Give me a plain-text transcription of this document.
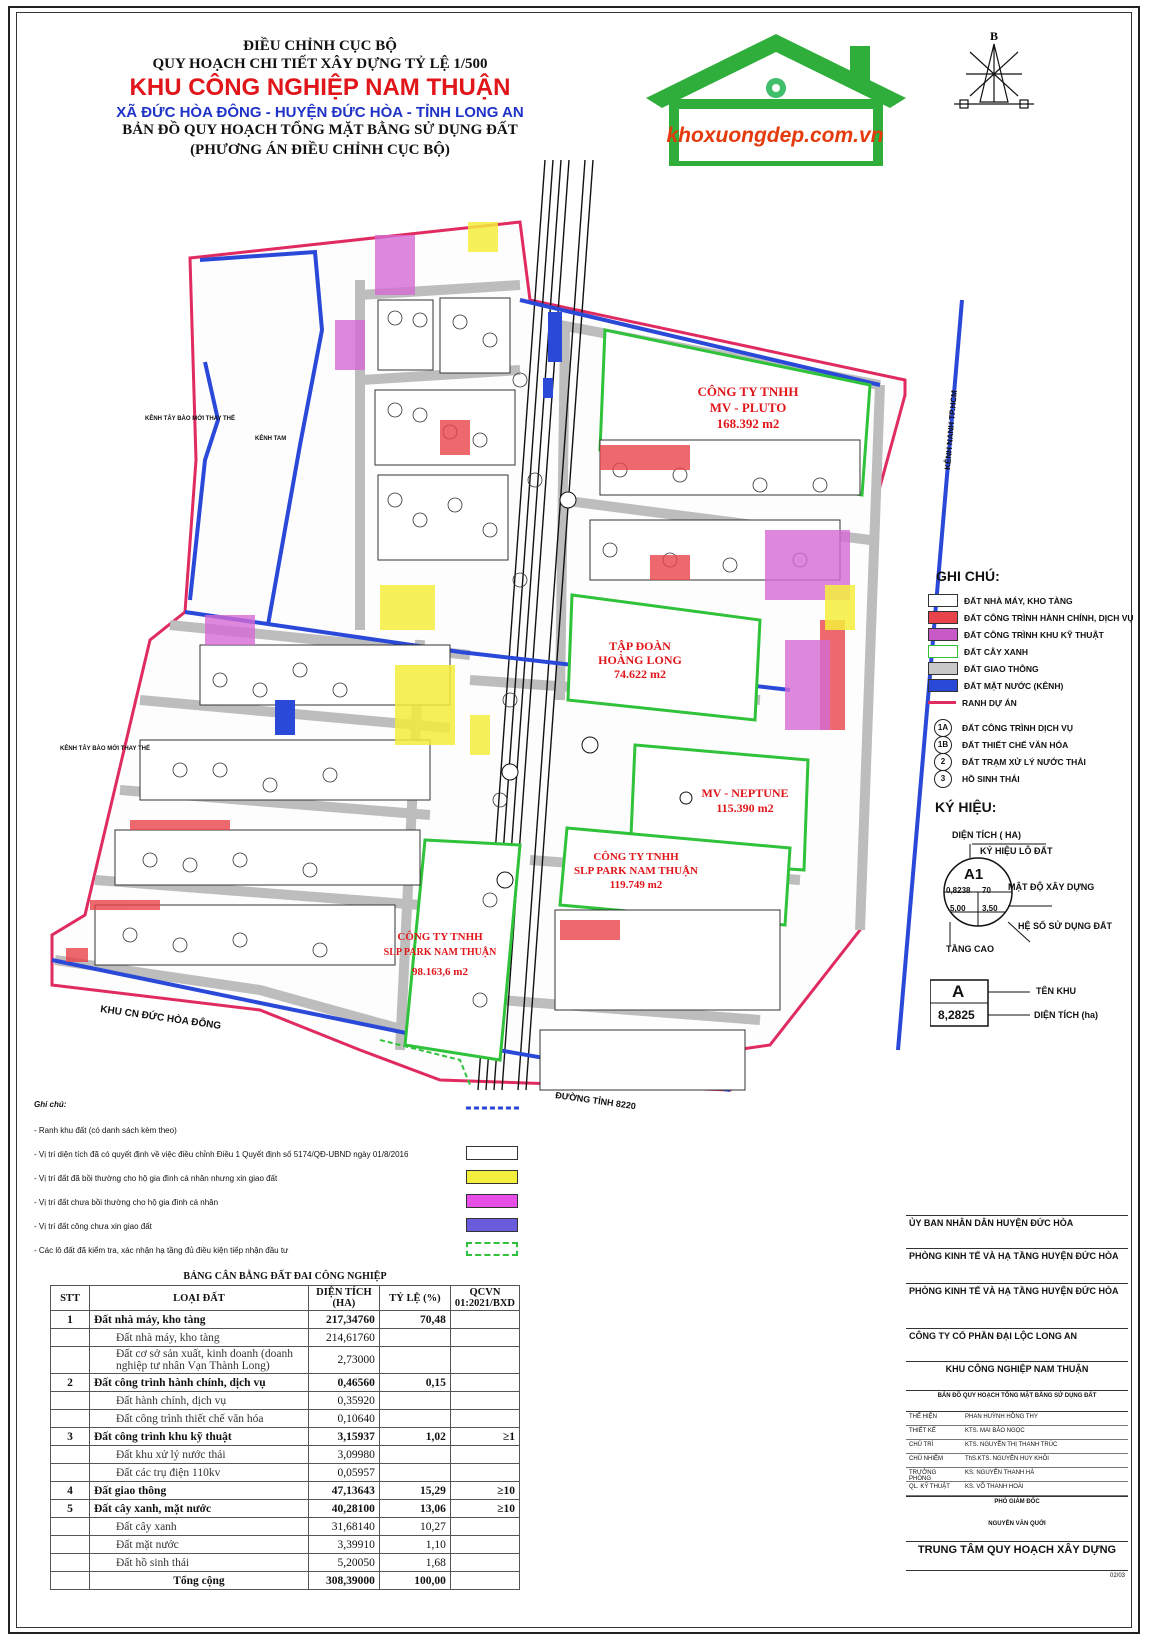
ĐIỀU CHỈNH CỤC BỘ
QUY HOẠCH CHI TIẾT XÂY DỰNG TỶ LỆ 1/500
KHU CÔNG NGHIỆP NAM THUẬN
XÃ ĐỨC HÒA ĐÔNG - HUYỆN ĐỨC HÒA - TỈNH LONG AN
BẢN ĐỒ QUY HOẠCH TỔNG MẶT BẰNG SỬ DỤNG ĐẤT
(PHƯƠNG ÁN ĐIỀU CHỈNH CỤC BỘ)
khoxuongdep.com.vn
B
CÔNG TY TNHH
MV - PLUTO
168.392 m2
TẬP ĐOÀN
HOÀNG LONG
74.622 m2
MV - NEPTUNE
115.390 m2
CÔNG TY TNHH
SLP PARK NAM THUẬN
119.749 m2
CÔNG TY TNHH
SLP PARK NAM THUẬN
98.163,6 m2
KHU CN ĐỨC HÒA ĐÔNG
ĐƯỜNG TỈNH 8220
KÊNH NANH TP.HCM
KÊNH TÂY BÀO MỚI THAY THẾ
KÊNH TÂY BÀO MỚI THAY THẾ
KÊNH TAM
GHI CHÚ:
ĐẤT NHÀ MÁY, KHO TÀNG
ĐẤT CÔNG TRÌNH HÀNH CHÍNH, DỊCH VỤ
ĐẤT CÔNG TRÌNH KHU KỸ THUẬT
ĐẤT CÂY XANH
ĐẤT GIAO THÔNG
ĐẤT MẶT NƯỚC (KÊNH)
RANH DỰ ÁN
1A	ĐẤT CÔNG TRÌNH DỊCH VỤ
1B	ĐẤT THIẾT CHẾ VĂN HÓA
2	ĐẤT TRẠM XỬ LÝ NƯỚC THẢI
3	HỒ SINH THÁI
KÝ HIỆU:
DIỆN TÍCH ( HA)
KÝ HIỆU LÔ ĐẤT
A1
0,8238 70 MẬT ĐỘ XÂY DỰNG
5,00 3,50
HỆ SỐ SỬ DỤNG ĐẤT
TẦNG CAO
A	TÊN KHU
8,2825	DIỆN TÍCH (ha)
Ghi chú:
- Ranh khu đất (có danh sách kèm theo)
- Vị trí diện tích đã có quyết định về việc điều chỉnh Điều 1 Quyết định số 5174/QĐ-UBND ngày 01/8/2016
- Vị trí đất đã bồi thường cho hộ gia đình cá nhân nhưng xin giao đất
- Vị trí đất chưa bồi thường cho hộ gia đình cá nhân
- Vị trí đất công chưa xin giao đất
- Các lô đất đã kiểm tra, xác nhận hạ tầng đủ điều kiện tiếp nhận đầu tư
BẢNG CÂN BẰNG ĐẤT ĐAI CÔNG NGHIỆP				
STT	LOẠI ĐẤT	DIỆN TÍCH (HA)	TỶ LỆ (%)	QCVN 01:2021/BXD
1	Đất nhà máy, kho tàng	217,34760	70,48	
	Đất nhà máy, kho tàng	214,61760		
	Đất cơ sở sản xuất, kinh doanh (doanh nghiệp tư nhân Vạn Thành Long)	2,73000		
2	Đất công trình hành chính, dịch vụ	0,46560	0,15	
	Đất hành chính, dịch vụ	0,35920		
	Đất công trình thiết chế văn hóa	0,10640		
3	Đất công trình khu kỹ thuật	3,15937	1,02	≥1
	Đất khu xử lý nước thải	3,09980		
	Đất các trụ điện 110kv	0,05957		
4	Đất giao thông	47,13643	15,29	≥10
5	Đất cây xanh, mặt nước	40,28100	13,06	≥10
	Đất cây xanh	31,68140	10,27	
	Đất mặt nước	3,39910	1,10	
	Đất hồ sinh thái	5,20050	1,68	
	Tổng cộng	308,39000	100,00	
ỦY BAN NHÂN DÂN HUYỆN ĐỨC HÒA
PHÒNG KINH TẾ VÀ HẠ TẦNG HUYỆN ĐỨC HÒA
PHÒNG KINH TẾ VÀ HẠ TẦNG HUYỆN ĐỨC HÒA
CÔNG TY CỔ PHẦN ĐẠI LỘC LONG AN
KHU CÔNG NGHIỆP NAM THUẬN
BẢN ĐỒ QUY HOẠCH TỔNG MẶT BẰNG SỬ DỤNG ĐẤT
THỂ HIỆN	PHAN HUỲNH HỒNG THY
THIẾT KẾ	KTS. MAI BẢO NGỌC
CHỦ TRÌ	KTS. NGUYỄN THỊ THANH TRÚC
CHỦ NHIỆM	ThS.KTS. NGUYỄN HUY KHÔI
TRƯỞNG PHÒNG
KS. NGUYỄN THANH HÀ
QL. KỸ THUẬT	KS. VÕ THANH HOÀI
PHÓ GIÁM ĐỐC
NGUYỄN VĂN QUỚI
TRUNG TÂM QUY HOẠCH XÂY DỰNG
02/03
